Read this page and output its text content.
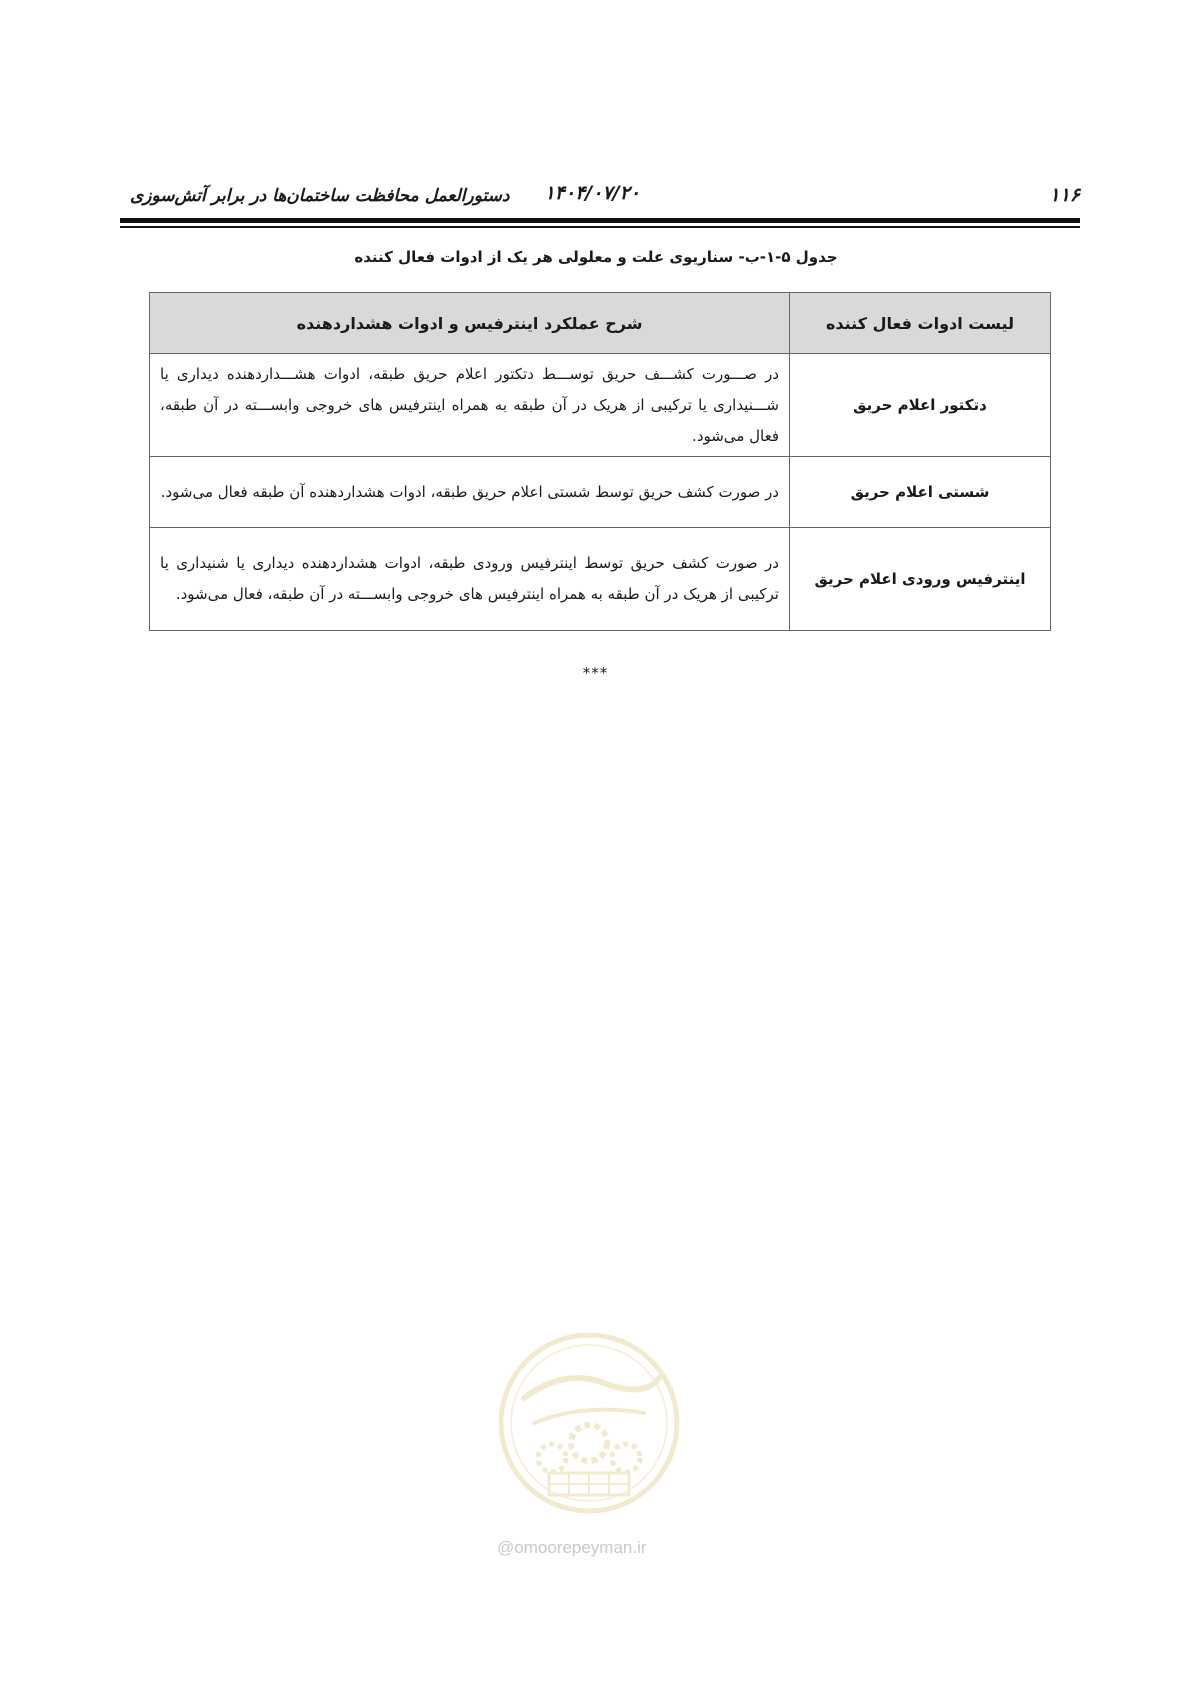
۱۱۶
۱۴۰۴/۰۷/۲۰
دستورالعمل محافظت ساختمان‌ها در برابر آتش‌سوزی
جدول ۵-۱-ب- سناریوی علت و معلولی هر یک از ادوات فعال کننده
لیست ادوات فعال کننده	شرح عملکرد اینترفیس و ادوات هشداردهنده
دتکتور اعلام حریق	در صـــورت کشـــف حریق توســـط دتکتور اعلام حریق طبقه، ادوات هشـــداردهنده دیداری یا شـــنیداری یا ترکیبی از هریک در آن طبقه به همراه اینترفیس های خروجی وابســـته در آن طبقه، فعال می‌شود.
شستی اعلام حریق	در صورت کشف حریق توسط شستی اعلام حریق طبقه، ادوات هشداردهنده آن طبقه فعال می‌شود.
اینترفیس ورودی اعلام حریق	در صورت کشف حریق توسط اینترفیس ورودی طبقه، ادوات هشداردهنده دیداری یا شنیداری یا ترکیبی از هریک در آن طبقه به همراه اینترفیس های خروجی وابســـته در آن طبقه، فعال می‌شود.
***
@omoorepeyman.ir
